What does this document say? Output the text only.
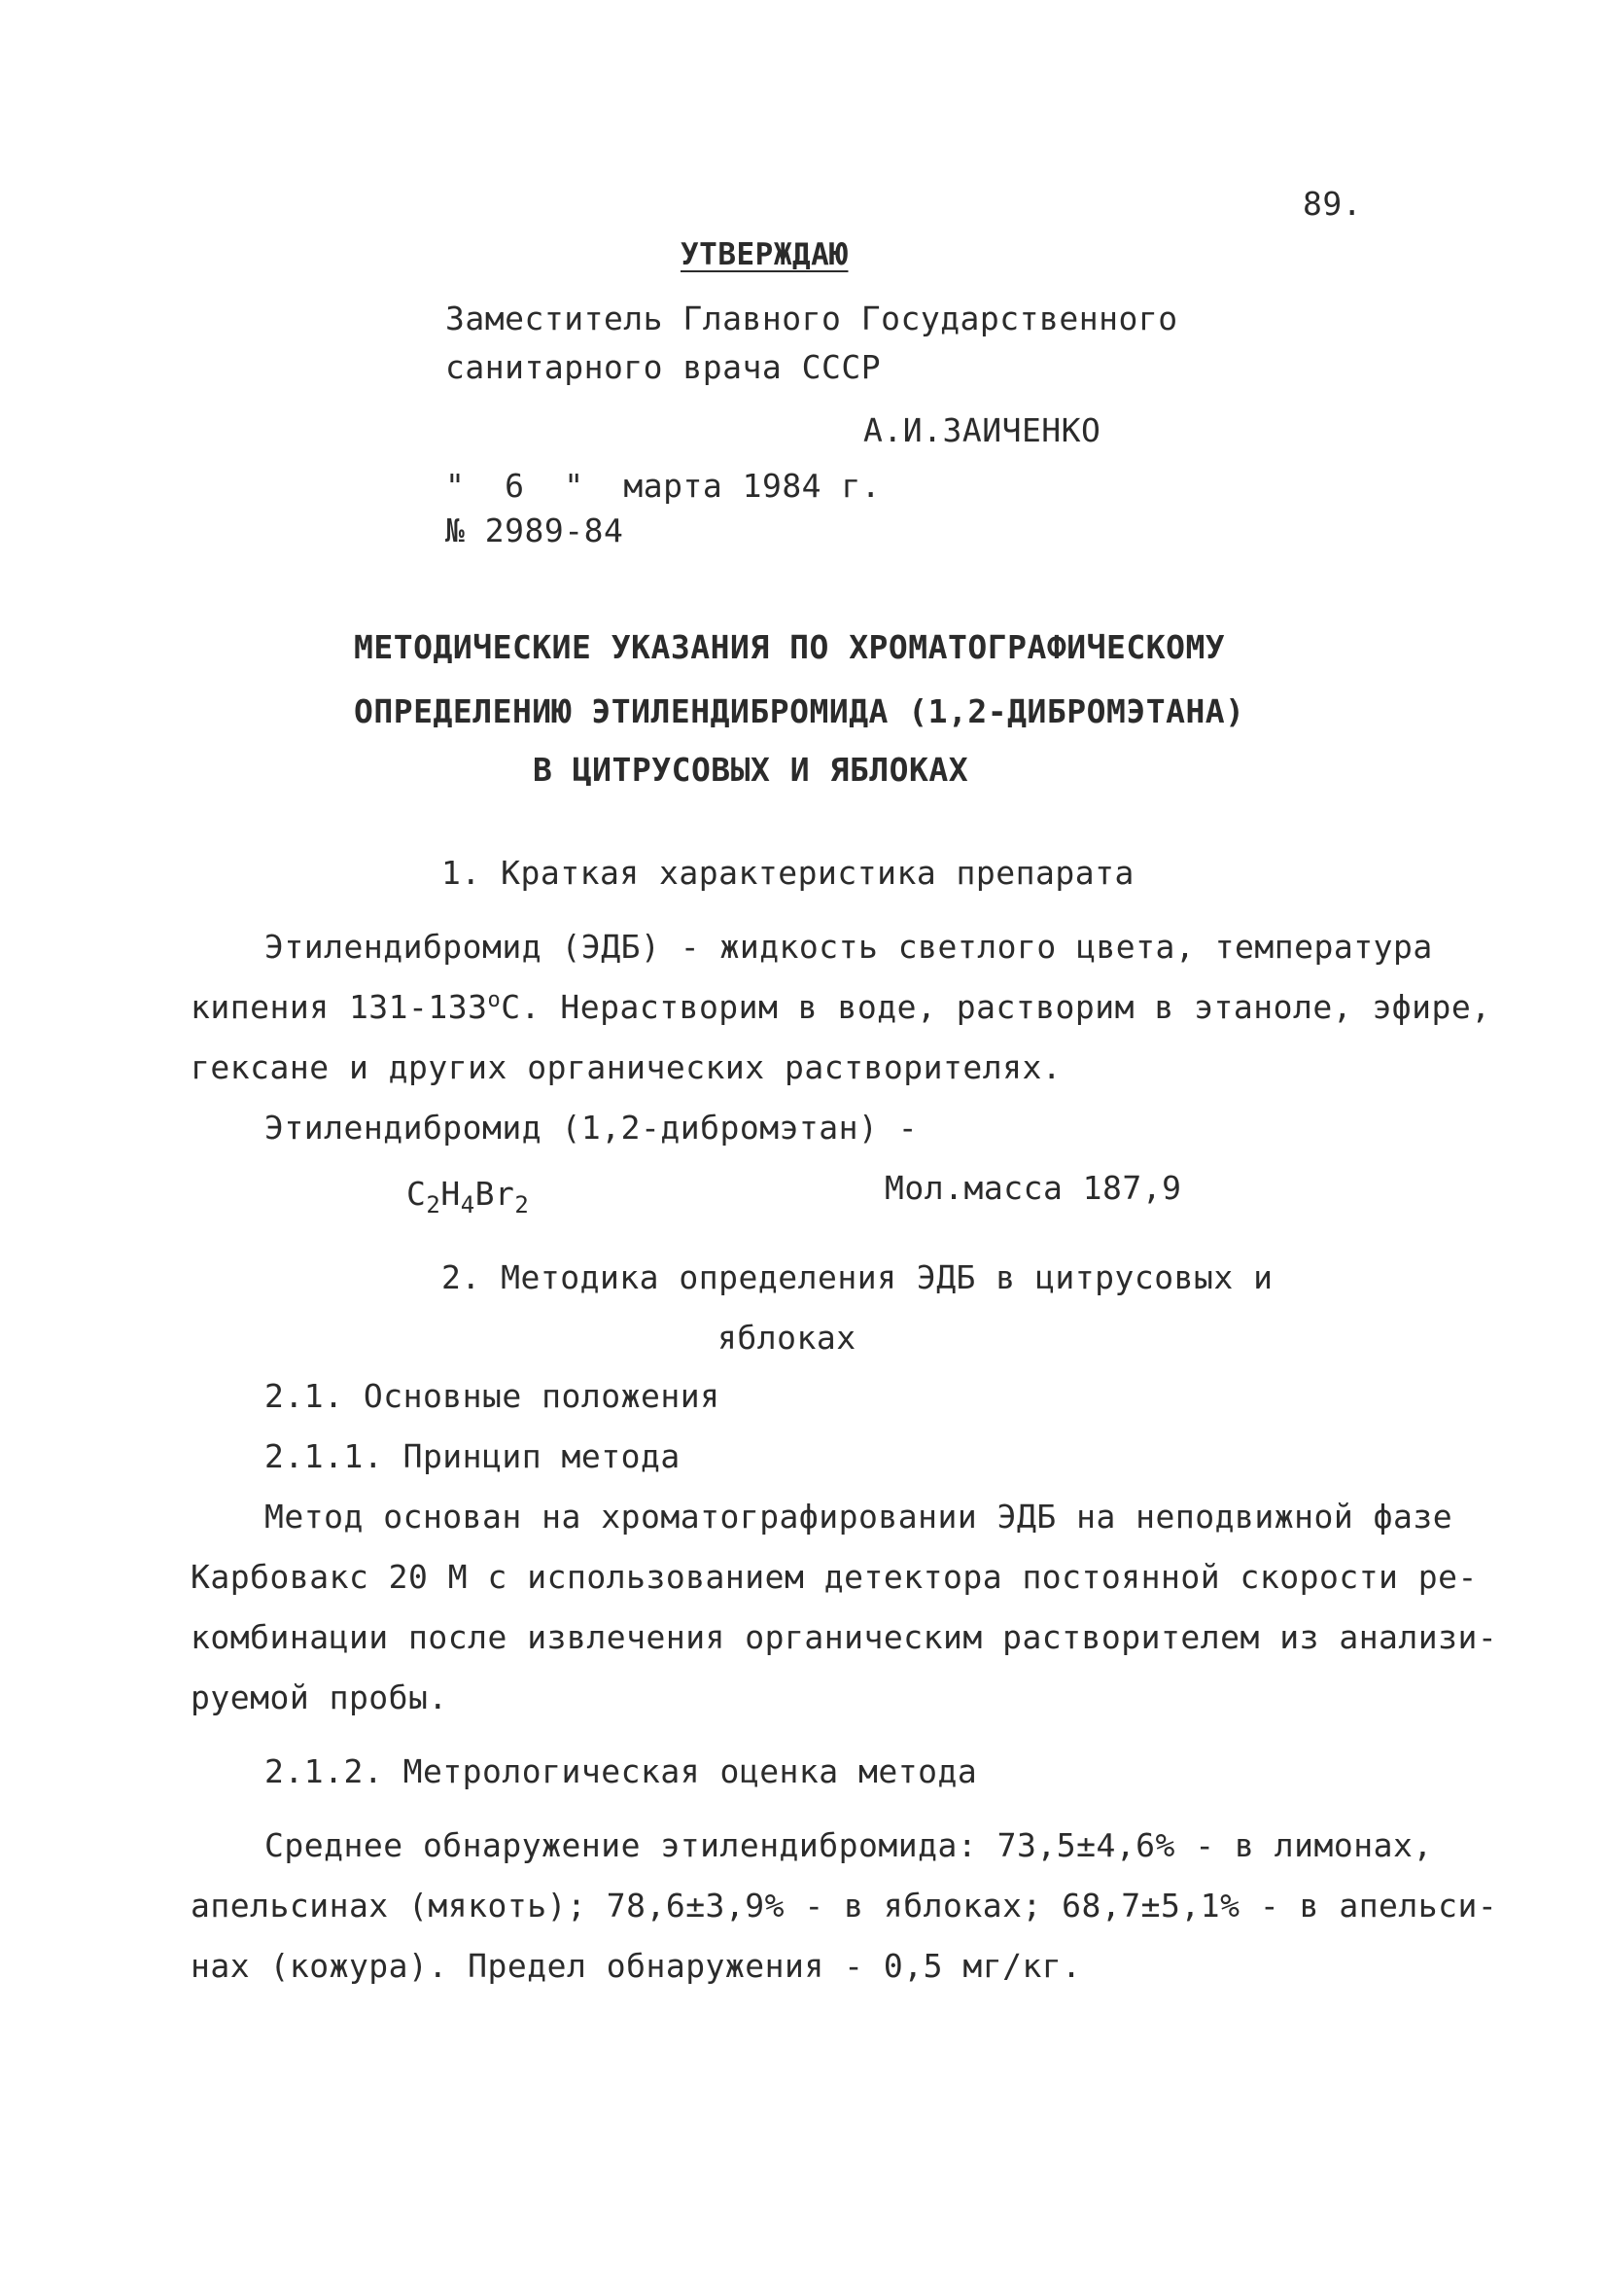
89.
УТВЕРЖДАЮ
Заместитель Главного Государственного
санитарного врача СССР
А.И.ЗАИЧЕНКО
" 6 " марта 1984 г.
№ 2989-84
МЕТОДИЧЕСКИЕ УКАЗАНИЯ ПО ХРОМАТОГРАФИЧЕСКОМУ
ОПРЕДЕЛЕНИЮ ЭТИЛЕНДИБРОМИДА (1,2-ДИБРОМЭТАНА)
В ЦИТРУСОВЫХ И ЯБЛОКАХ
1. Краткая характеристика препарата
Этилендибромид (ЭДБ) - жидкость светлого цвета, температура
кипения 131-133$^o$С. Нерастворим в воде, растворим в этаноле, эфире,
гексане и других органических растворителях.
Этилендибромид (1,2-дибромэтан) -
$C_2H_4Br_2$	Мол.масса 187,9
2. Методика определения ЭДБ в цитрусовых и
яблоках
2.1. Основные положения
2.1.1. Принцип метода
Метод основан на хроматографировании ЭДБ на неподвижной фазе
Карбовакс 20 М с использованием детектора постоянной скорости ре-
комбинации после извлечения органическим растворителем из анализи-
руемой пробы.
2.1.2. Метрологическая оценка метода
Среднее обнаружение этилендибромида: 73,5±4,6% - в лимонах,
апельсинах (мякоть); 78,6±3,9% - в яблоках; 68,7±5,1% - в апельси-
нах (кожура). Предел обнаружения - 0,5 мг/кг.
